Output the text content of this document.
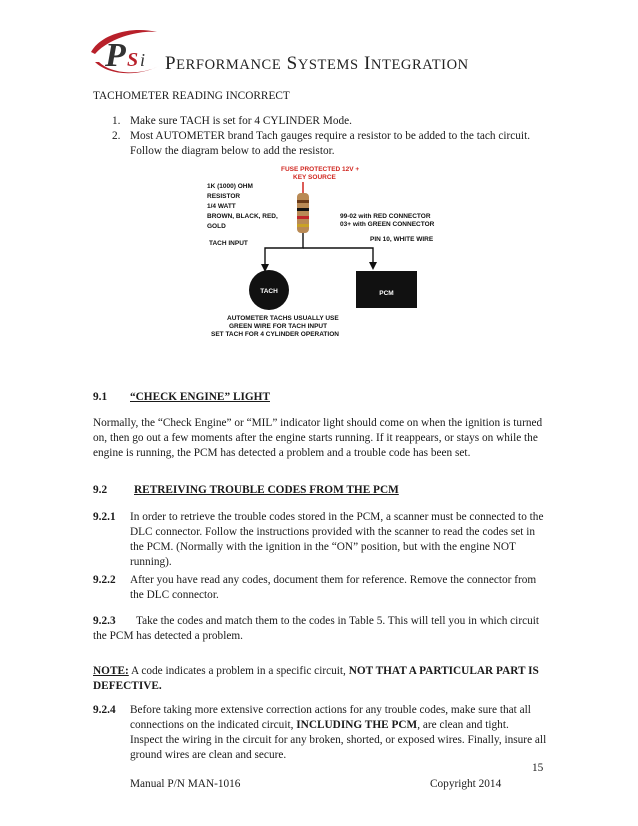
P S i PERFORMANCE SYSTEMS INTEGRATION
TACHOMETER READING INCORRECT
1. Make sure TACH is set for 4 CYLINDER Mode.
2. Most AUTOMETER brand Tach gauges require a resistor to be added to the tach circuit.
Follow the diagram below to add the resistor.
FUSE PROTECTED 12V +
KEY SOURCE
1K (1000) OHM
RESISTOR
1/4 WATT
BROWN, BLACK, RED,
GOLD
99-02 with RED CONNECTOR
03+ with GREEN CONNECTOR
PIN 10, WHITE WIRE
TACH INPUT
TACH	PCM
AUTOMETER TACHS USUALLY USE
GREEN WIRE FOR TACH INPUT
SET TACH FOR 4 CYLINDER OPERATION
9.1 “CHECK ENGINE” LIGHT
Normally, the “Check Engine” or “MIL” indicator light should come on when the ignition is turned
on, then go out a few moments after the engine starts running. If it reappears, or stays on while the
engine is running, the PCM has detected a problem and a trouble code has been set.
9.2 RETREIVING TROUBLE CODES FROM THE PCM
9.2.1 In order to retrieve the trouble codes stored in the PCM, a scanner must be connected to the
DLC connector. Follow the instructions provided with the scanner to read the codes set in
the PCM. (Normally with the ignition in the “ON” position, but with the engine NOT
running).
9.2.2 After you have read any codes, document them for reference. Remove the connector from
the DLC connector.
9.2.3 Take the codes and match them to the codes in Table 5. This will tell you in which circuit
the PCM has detected a problem.
NOTE: A code indicates a problem in a specific circuit, NOT THAT A PARTICULAR PART IS
DEFECTIVE.
9.2.4 Before taking more extensive correction actions for any trouble codes, make sure that all
connections on the indicated circuit, INCLUDING THE PCM, are clean and tight.
Inspect the wiring in the circuit for any broken, shorted, or exposed wires. Finally, insure all
ground wires are clean and secure.
15
Manual P/N MAN-1016	Copyright 2014
